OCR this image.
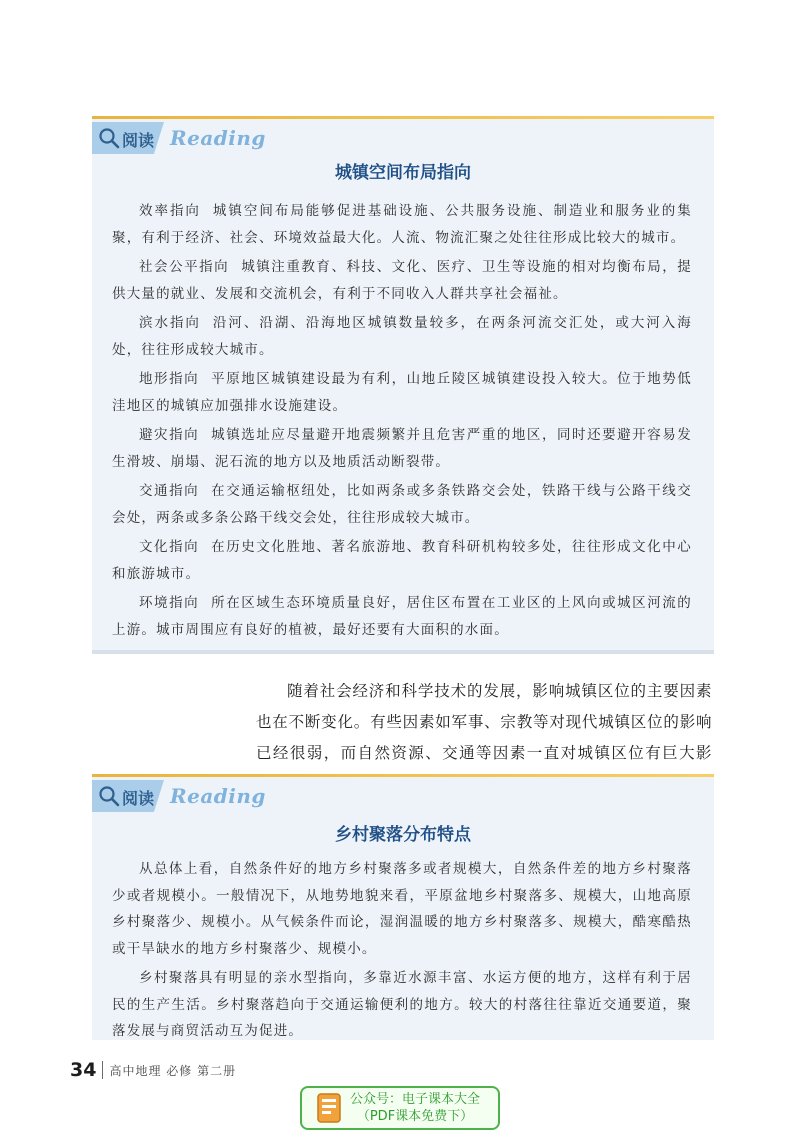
阅读 Reading
城镇空间布局指向

效率指向 城镇空间布局能够促进基础设施、公共服务设施、制造业和服务业的集聚，有利于经济、社会、环境效益最大化。人流、物流汇聚之处往往形成比较大的城市。

社会公平指向 城镇注重教育、科技、文化、医疗、卫生等设施的相对均衡布局，提供大量的就业、发展和交流机会，有利于不同收入人群共享社会福祉。

滨水指向 沿河、沿湖、沿海地区城镇数量较多，在两条河流交汇处，或大河入海处，往往形成较大城市。

地形指向 平原地区城镇建设最为有利，山地丘陵区城镇建设投入较大。位于地势低洼地区的城镇应加强排水设施建设。

避灾指向 城镇选址应尽量避开地震频繁并且危害严重的地区，同时还要避开容易发生滑坡、崩塌、泥石流的地方以及地质活动断裂带。

交通指向 在交通运输枢纽处，比如两条或多条铁路交会处，铁路干线与公路干线交会处，两条或多条公路干线交会处，往往形成较大城市。

文化指向 在历史文化胜地、著名旅游地、教育科研机构较多处，往往形成文化中心和旅游城市。

环境指向 所在区域生态环境质量良好，居住区布置在工业区的上风向或城区河流的上游。城市周围应有良好的植被，最好还要有大面积的水面。

随着社会经济和科学技术的发展，影响城镇区位的主要因素也在不断变化。有些因素如军事、宗教等对现代城镇区位的影响已经很弱，而自然资源、交通等因素一直对城镇区位有巨大影

阅读 Reading
乡村聚落分布特点

从总体上看，自然条件好的地方乡村聚落多或者规模大，自然条件差的地方乡村聚落少或者规模小。一般情况下，从地势地貌来看，平原盆地乡村聚落多、规模大，山地高原乡村聚落少、规模小。从气候条件而论，湿润温暖的地方乡村聚落多、规模大，酷寒酷热或干旱缺水的地方乡村聚落少、规模小。

乡村聚落具有明显的亲水型指向，多靠近水源丰富、水运方便的地方，这样有利于居民的生产生活。乡村聚落趋向于交通运输便利的地方。较大的村落往往靠近交通要道，聚落发展与商贸活动互为促进。

34 高中地理 必修 第二册
公众号：电子课本大全
（PDF课本免费下）
